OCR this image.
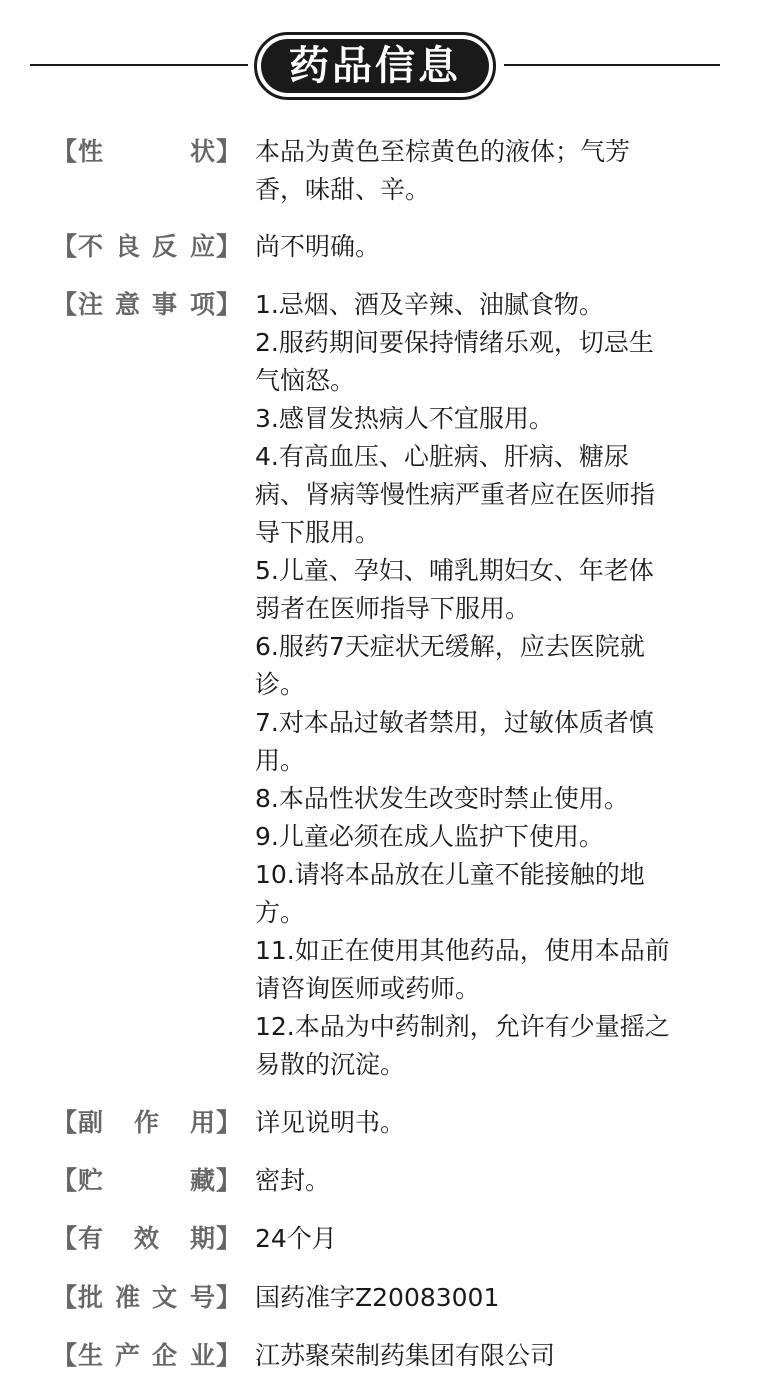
药品信息
【 性	状 】 本品为黄色至棕黄色的液体；气芳
香，味甜、辛。
【 不 良 反 应 】 尚不明确。
【 注 意 事 项 】 1.忌烟、酒及辛辣、油腻食物。
2.服药期间要保持情绪乐观，切忌生
气恼怒。
3.感冒发热病人不宜服用。
4.有高血压、心脏病、肝病、糖尿
病、肾病等慢性病严重者应在医师指
导下服用。
5.儿童、孕妇、哺乳期妇女、年老体
弱者在医师指导下服用。
6.服药7天症状无缓解，应去医院就
诊。
7.对本品过敏者禁用，过敏体质者慎
用。
8.本品性状发生改变时禁止使用。
9.儿童必须在成人监护下使用。
10.请将本品放在儿童不能接触的地
方。
11.如正在使用其他药品，使用本品前
请咨询医师或药师。
12.本品为中药制剂，允许有少量摇之
易散的沉淀。
【 副 作 用 】 详见说明书。
【 贮	藏 】 密封。
【 有 效 期 】 24个月
【 批 准 文 号 】 国药准字Z20083001
【 生 产 企 业 】 江苏聚荣制药集团有限公司
